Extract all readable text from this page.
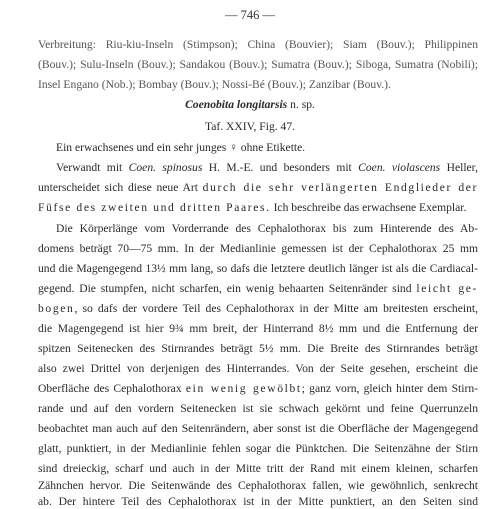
— 746 —
Verbreitung: Riu-kiu-Inseln (Stimpson); China (Bouvier); Siam (Bouv.); Philippinen
(Bouv.); Sulu-Inseln (Bouv.); Sandakou (Bouv.); Sumatra (Bouv.); Siboga, Sumatra (Nobili);
Insel Engano (Nob.); Bombay (Bouv.); Nossi-Bé (Bouv.); Zanzibar (Bouv.).
Coenobita longitarsis n. sp.
Taf. XXIV, Fig. 47.
Ein erwachsenes und ein sehr junges ♀ ohne Etikette.
Verwandt mit Coen. spinosus H. M.-E. und besonders mit Coen. violascens Heller,
unterscheidet sich diese neue Art durch die sehr verlängerten Endglieder der
Füfse des zweiten und dritten Paares. Ich beschreibe das erwachsene Exemplar.
Die Körperlänge vom Vorderrande des Cephalothorax bis zum Hinterende des Ab-
domens beträgt 70—75 mm. In der Medianlinie gemessen ist der Cephalothorax 25 mm
und die Magengegend 13½ mm lang, so dafs die letztere deutlich länger ist als die Cardiacal-
gegend. Die stumpfen, nicht scharfen, ein wenig behaarten Seitenränder sind leicht ge-
bogen, so dafs der vordere Teil des Cephalothorax in der Mitte am breitesten erscheint,
die Magengegend ist hier 9¾ mm breit, der Hinterrand 8½ mm und die Entfernung der
spitzen Seitenecken des Stirnrandes beträgt 5½ mm. Die Breite des Stirnrandes beträgt
also zwei Drittel von derjenigen des Hinterrandes. Von der Seite gesehen, erscheint die
Oberfläche des Cephalothorax ein wenig gewölbt; ganz vorn, gleich hinter dem Stirn-
rande und auf den vordern Seitenecken ist sie schwach gekörnt und feine Querrunzeln
beobachtet man auch auf den Seitenrändern, aber sonst ist die Oberfläche der Magengegend
glatt, punktiert, in der Medianlinie fehlen sogar die Pünktchen. Die Seitenzähne der Stirn
sind dreieckig, scharf und auch in der Mitte tritt der Rand mit einem kleinen, scharfen
Zähnchen hervor. Die Seitenwände des Cephalothorax fallen, wie gewöhnlich, senkrecht
ab. Der hintere Teil des Cephalothorax ist in der Mitte punktiert, an den Seiten sind
